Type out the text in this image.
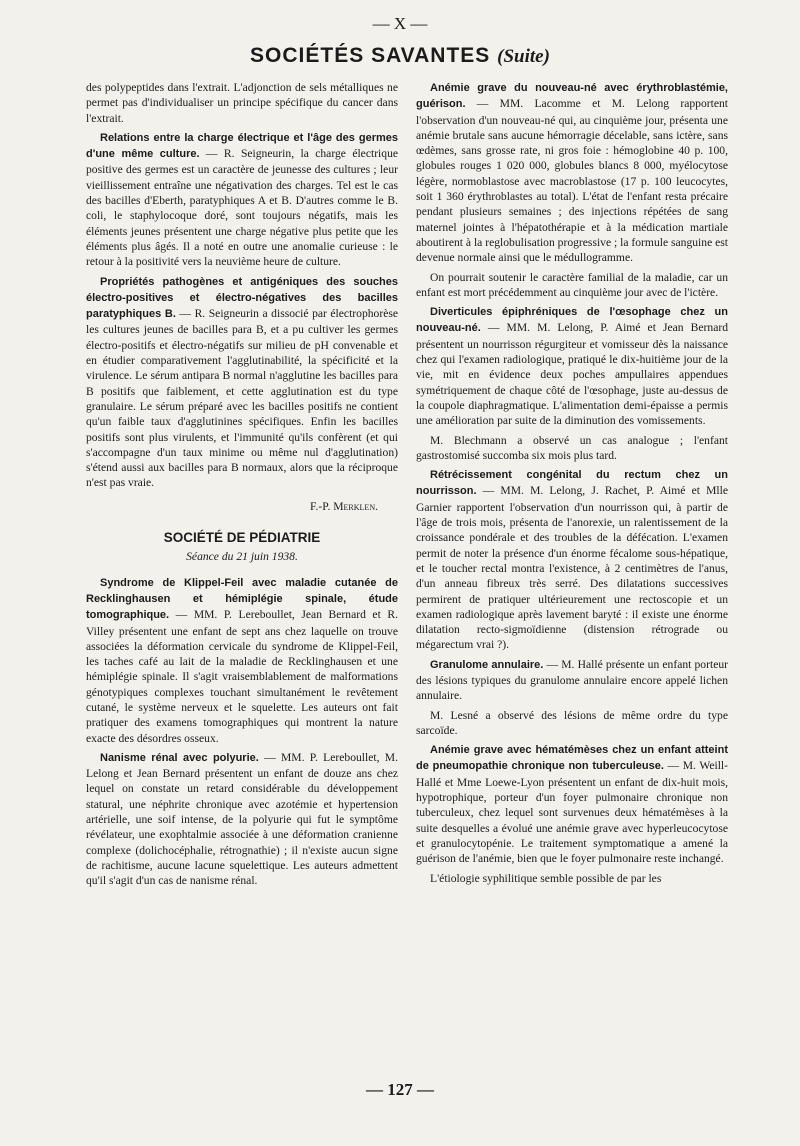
— X —
SOCIÉTÉS SAVANTES (Suite)

des polypeptides dans l'extrait. L'adjonction de sels métalliques ne permet pas d'individualiser un principe spécifique du cancer dans l'extrait.

Relations entre la charge électrique et l'âge des germes d'une même culture. — R. Seigneurin, la charge électrique positive des germes est un caractère de jeunesse des cultures ; leur vieillissement entraîne une négativation des charges. Tel est le cas des bacilles d'Eberth, paratyphiques A et B. D'autres comme le B. coli, le staphylocoque doré, sont toujours négatifs, mais les éléments jeunes présentent une charge négative plus petite que les éléments plus âgés. Il a noté en outre une anomalie curieuse : le retour à la positivité vers la neuvième heure de culture.

Propriétés pathogènes et antigéniques des souches électro-positives et électro-négatives des bacilles paratyphiques B. — R. Seigneurin a dissocié par électrophorèse les cultures jeunes de bacilles para B, et a pu cultiver les germes électro-positifs et électro-négatifs sur milieu de pH convenable et en étudier comparativement l'agglutinabilité, la spécificité et la virulence. Le sérum antipara B normal n'agglutine les bacilles para B positifs que faiblement, et cette agglutination est du type granulaire. Le sérum préparé avec les bacilles positifs ne contient qu'un faible taux d'agglutinines spécifiques. Enfin les bacilles positifs sont plus virulents, et l'immunité qu'ils confèrent (et qui s'accompagne d'un taux minime ou même nul d'agglutination) s'étend aussi aux bacilles para B normaux, alors que la réciproque n'est pas vraie.

F.-P. Merklen.
SOCIÉTÉ DE PÉDIATRIE
Séance du 21 juin 1938.

Syndrome de Klippel-Feil avec maladie cutanée de Recklinghausen et hémiplégie spinale, étude tomographique. — MM. P. Lereboullet, Jean Bernard et R. Villey présentent une enfant de sept ans chez laquelle on trouve associées la déformation cervicale du syndrome de Klippel-Feil, les taches café au lait de la maladie de Recklinghausen et une hémiplégie spinale. Il s'agit vraisemblablement de malformations génotypiques complexes touchant simultanément le revêtement cutané, le système nerveux et le squelette. Les auteurs ont fait pratiquer des examens tomographiques qui montrent la nature exacte des désordres osseux.

Nanisme rénal avec polyurie. — MM. P. Lereboullet, M. Lelong et Jean Bernard présentent un enfant de douze ans chez lequel on constate un retard considérable du développement statural, une néphrite chronique avec azotémie et hypertension artérielle, une soif intense, de la polyurie qui fut le symptôme révélateur, une exophtalmie associée à une déformation cranienne complexe (dolichocéphalie, rétrognathie) ; il n'existe aucun signe de rachitisme, aucune lacune squelettique. Les auteurs admettent qu'il s'agit d'un cas de nanisme rénal.

Anémie grave du nouveau-né avec érythroblastémie, guérison. — MM. Lacomme et M. Lelong rapportent l'observation d'un nouveau-né qui, au cinquième jour, présenta une anémie brutale sans aucune hémorragie décelable, sans ictère, sans œdèmes, sans grosse rate, ni gros foie : hémoglobine 40 p. 100, globules rouges 1 020 000, globules blancs 8 000, myélocytose légère, normoblastose avec macroblastose (17 p. 100 leucocytes, soit 1 360 érythroblastes au total). L'état de l'enfant resta précaire pendant plusieurs semaines ; des injections répétées de sang maternel jointes à l'hépatothérapie et à la médication martiale aboutirent à la reglobulisation progressive ; la formule sanguine est devenue normale ainsi que le médullogramme.

On pourrait soutenir le caractère familial de la maladie, car un enfant est mort précédemment au cinquième jour avec de l'ictère.

Diverticules épiphréniques de l'œsophage chez un nouveau-né. — MM. M. Lelong, P. Aimé et Jean Bernard présentent un nourrisson régurgiteur et vomisseur dès la naissance chez qui l'examen radiologique, pratiqué le dix-huitième jour de la vie, mit en évidence deux poches ampullaires appendues symétriquement de chaque côté de l'œsophage, juste au-dessus de la coupole diaphragmatique. L'alimentation demi-épaisse a permis une amélioration par suite de la diminution des vomissements.

M. Blechmann a observé un cas analogue ; l'enfant gastrostomisé succomba six mois plus tard.

Rétrécissement congénital du rectum chez un nourrisson. — MM. M. Lelong, J. Rachet, P. Aimé et Mlle Garnier rapportent l'observation d'un nourrisson qui, à partir de l'âge de trois mois, présenta de l'anorexie, un ralentissement de la croissance pondérale et des troubles de la défécation. L'examen permit de noter la présence d'un énorme fécalome sous-hépatique, et le toucher rectal montra l'existence, à 2 centimètres de l'anus, d'un anneau fibreux très serré. Des dilatations successives permirent de pratiquer ultérieurement une rectoscopie et un examen radiologique après lavement baryté : il existe une énorme dilatation recto-sigmoïdienne (distension rétrograde ou mégarectum vrai ?).

Granulome annulaire. — M. Hallé présente un enfant porteur des lésions typiques du granulome annulaire encore appelé lichen annulaire.

M. Lesné a observé des lésions de même ordre du type sarcoïde.

Anémie grave avec hématémèses chez un enfant atteint de pneumopathie chronique non tuberculeuse. — M. Weill-Hallé et Mme Loewe-Lyon présentent un enfant de dix-huit mois, hypotrophique, porteur d'un foyer pulmonaire chronique non tuberculeux, chez lequel sont survenues deux hématémèses à la suite desquelles a évolué une anémie grave avec hyperleucocytose et granulocytopénie. Le traitement symptomatique a amené la guérison de l'anémie, bien que le foyer pulmonaire reste inchangé.

L'étiologie syphilitique semble possible de par les

— 127 —
